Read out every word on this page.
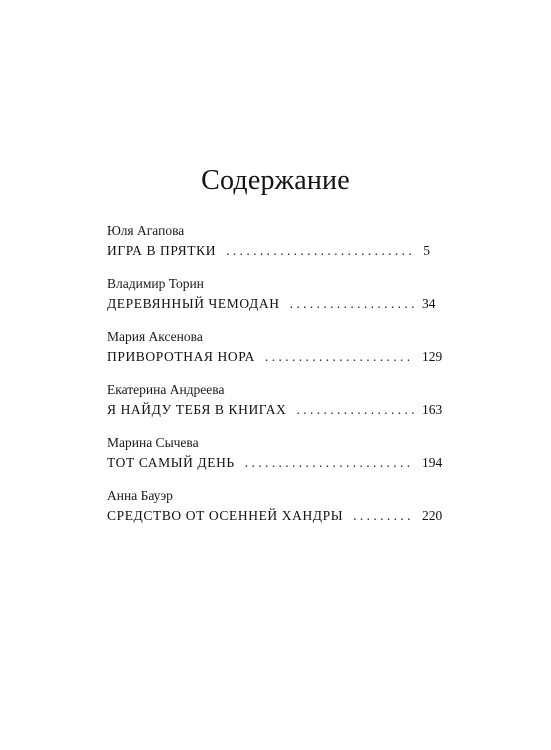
Содержание
Юля Агапова
ИГРА В ПРЯТКИ . . .	5
Владимир Торин
ДЕРЕВЯННЫЙ ЧЕМОДАН . . .	34
Мария Аксенова
ПРИВОРОТНАЯ НОРА . . .	129
Екатерина Андреева
Я НАЙДУ ТЕБЯ В КНИГАХ . . .	163
Марина Сычева
ТОТ САМЫЙ ДЕНЬ . . .	194
Анна Бауэр
СРЕДСТВО ОТ ОСЕННЕЙ ХАНДРЫ . . .	220
